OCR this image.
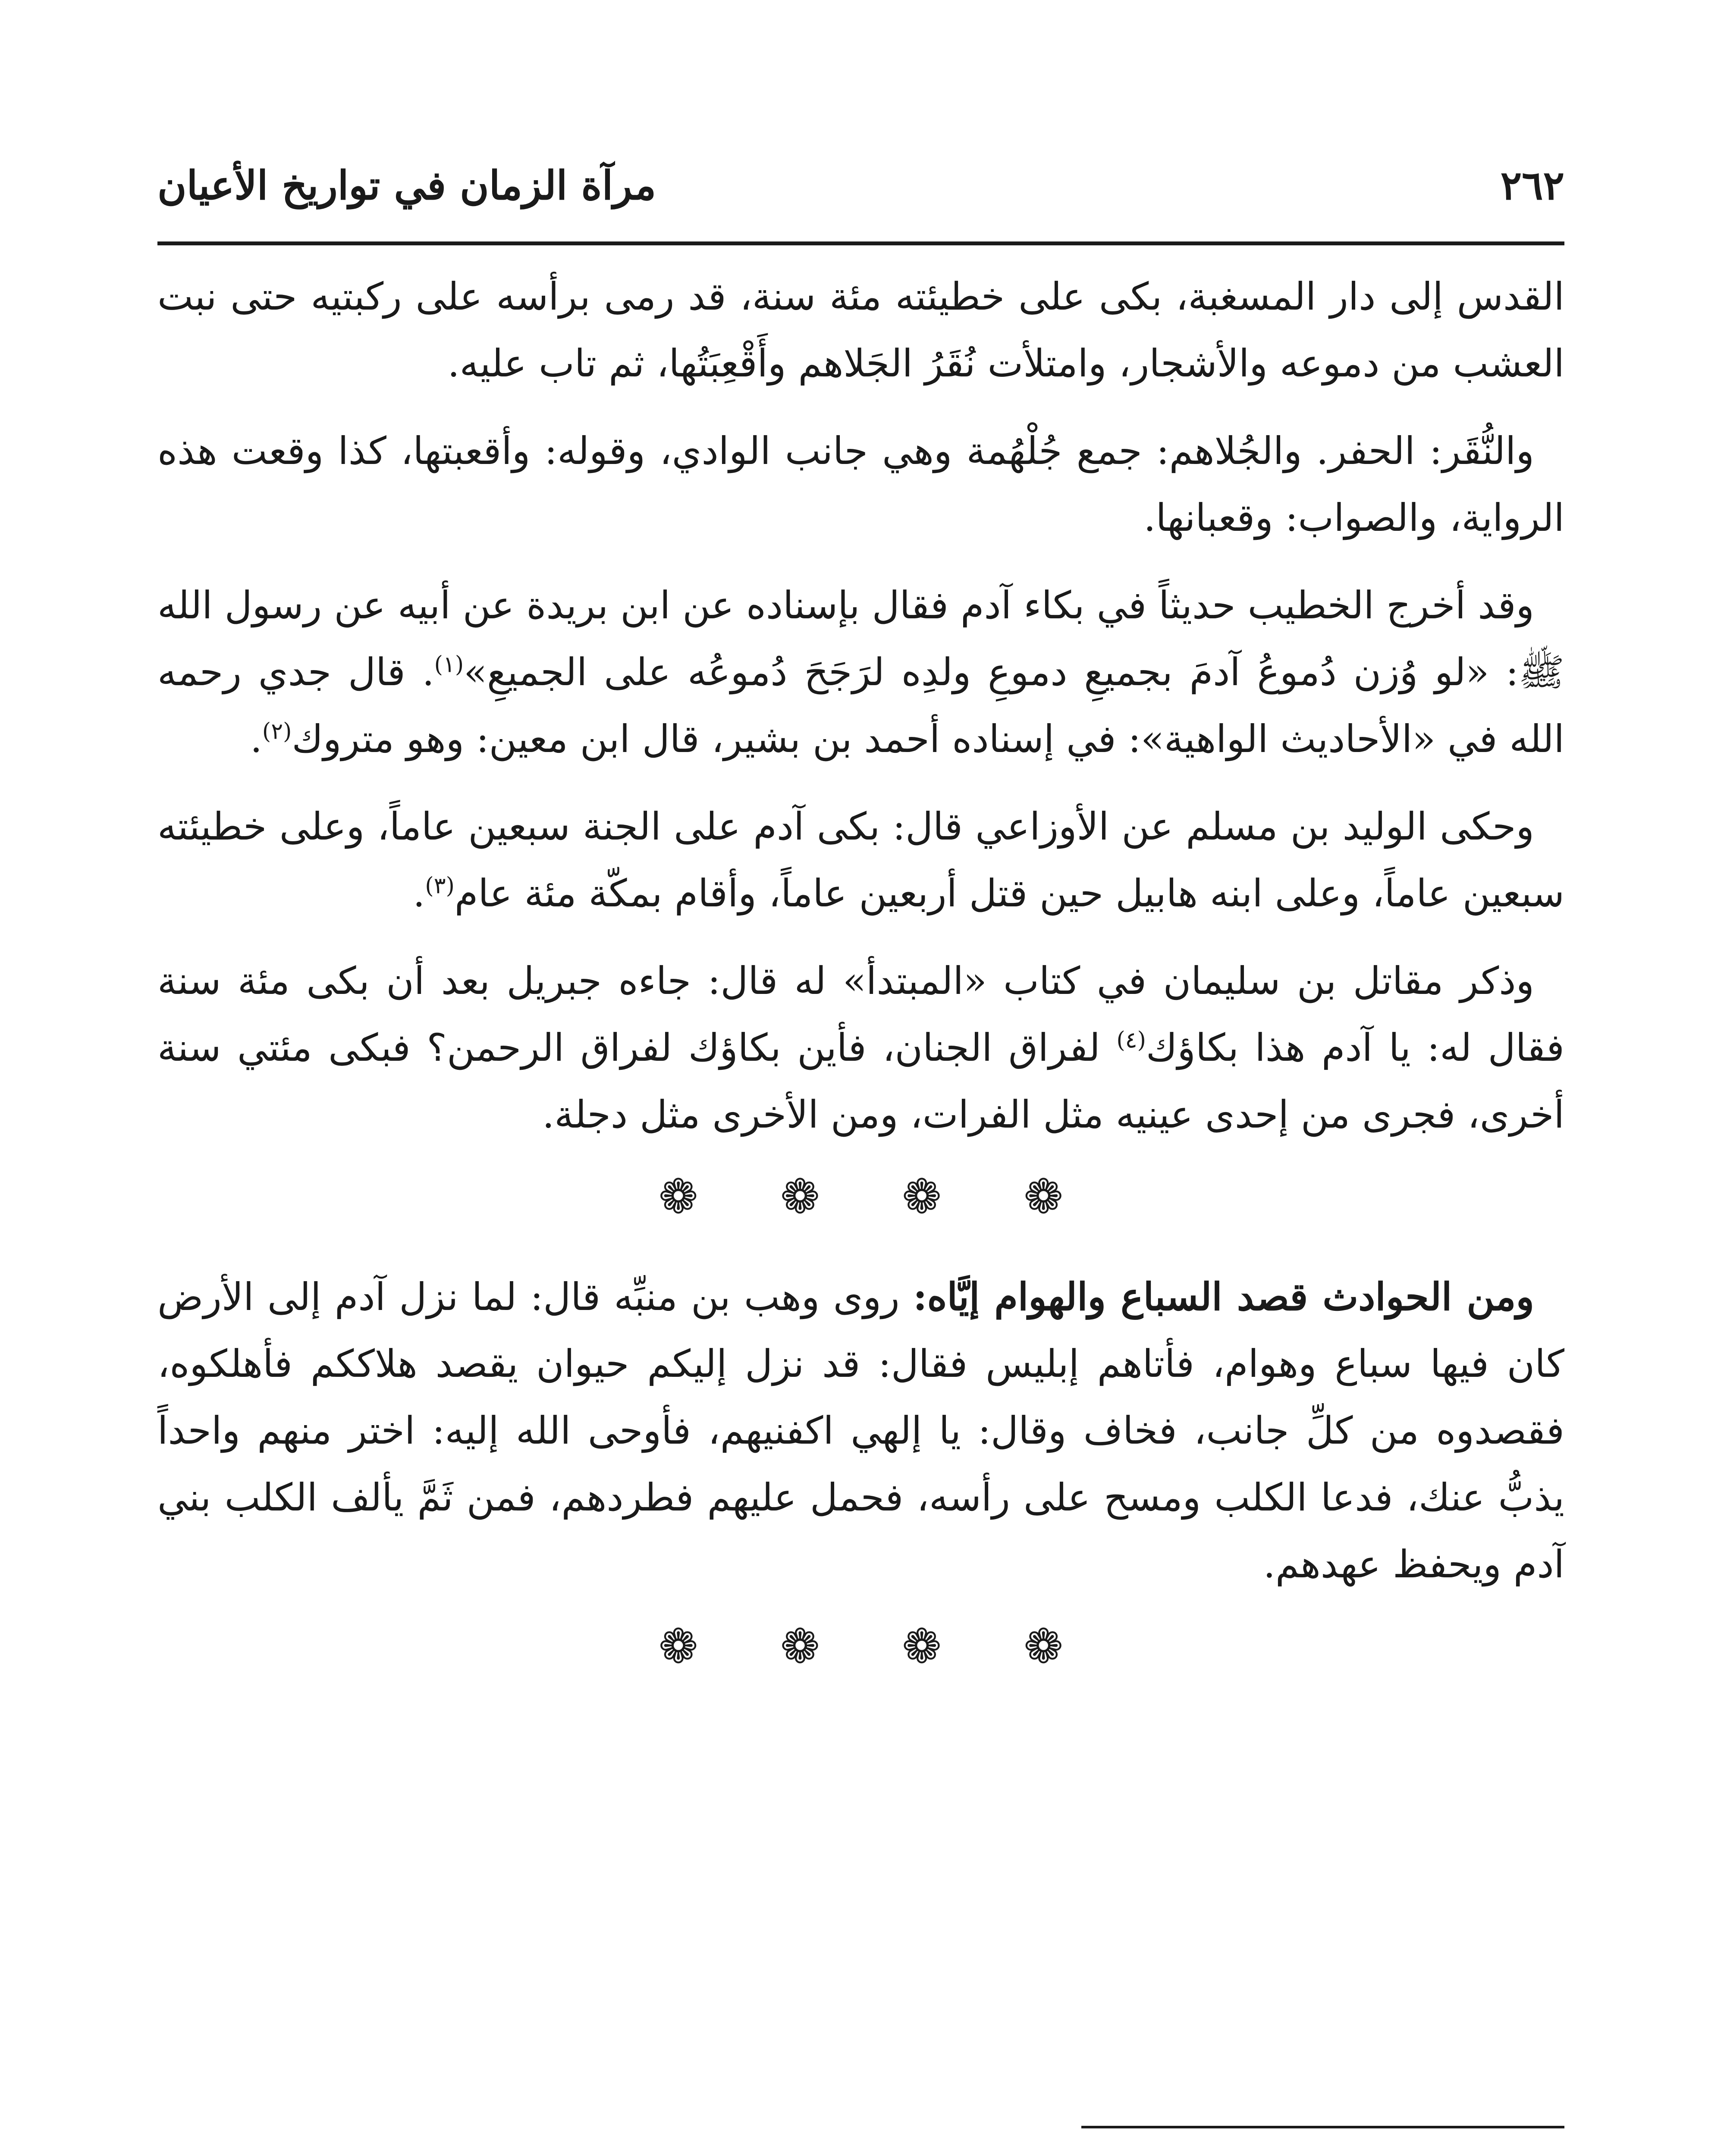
٢٦٢
مرآة الزمان في تواريخ الأعيان

القدس إلى دار المسغبة، بكى على خطيئته مئة سنة، قد رمى برأسه على ركبتيه حتى نبت العشب من دموعه والأشجار، وامتلأت نُقَرُ الجَلاهم وأَقْعِبَتُها، ثم تاب عليه.

والنُّقَر: الحفر. والجُلاهم: جمع جُلْهُمة وهي جانب الوادي، وقوله: وأقعبتها، كذا وقعت هذه الرواية، والصواب: وقعبانها.

وقد أخرج الخطيب حديثاً في بكاء آدم فقال بإسناده عن ابن بريدة عن أبيه عن رسول الله ﷺ: «لو وُزن دُموعُ آدمَ بجميعِ دموعِ ولدِه لرَجَحَ دُموعُه على الجميعِ»$^{(١)}$. قال جدي رحمه الله في «الأحاديث الواهية»: في إسناده أحمد بن بشير، قال ابن معين: وهو متروك$^{(٢)}$.

وحكى الوليد بن مسلم عن الأوزاعي قال: بكى آدم على الجنة سبعين عاماً، وعلى خطيئته سبعين عاماً، وعلى ابنه هابيل حين قتل أربعين عاماً، وأقام بمكّة مئة عام$^{(٣)}$.

وذكر مقاتل بن سليمان في كتاب «المبتدأ» له قال: جاءه جبريل بعد أن بكى مئة سنة فقال له: يا آدم هذا بكاؤك$^{(٤)}$ لفراق الجنان، فأين بكاؤك لفراق الرحمن؟ فبكى مئتي سنة أخرى، فجرى من إحدى عينيه مثل الفرات، ومن الأخرى مثل دجلة.

❁ ❁ ❁ ❁

ومن الحوادث قصد السباع والهوام إيَّاه: روى وهب بن منبِّه قال: لما نزل آدم إلى الأرض كان فيها سباع وهوام، فأتاهم إبليس فقال: قد نزل إليكم حيوان يقصد هلاككم فأهلكوه، فقصدوه من كلِّ جانب، فخاف وقال: يا إلهي اكفنيهم، فأوحى الله إليه: اختر منهم واحداً يذبُّ عنك، فدعا الكلب ومسح على رأسه، فحمل عليهم فطردهم، فمن ثَمَّ يألف الكلب بني آدم ويحفظ عهدهم.

❁ ❁ ❁ ❁
